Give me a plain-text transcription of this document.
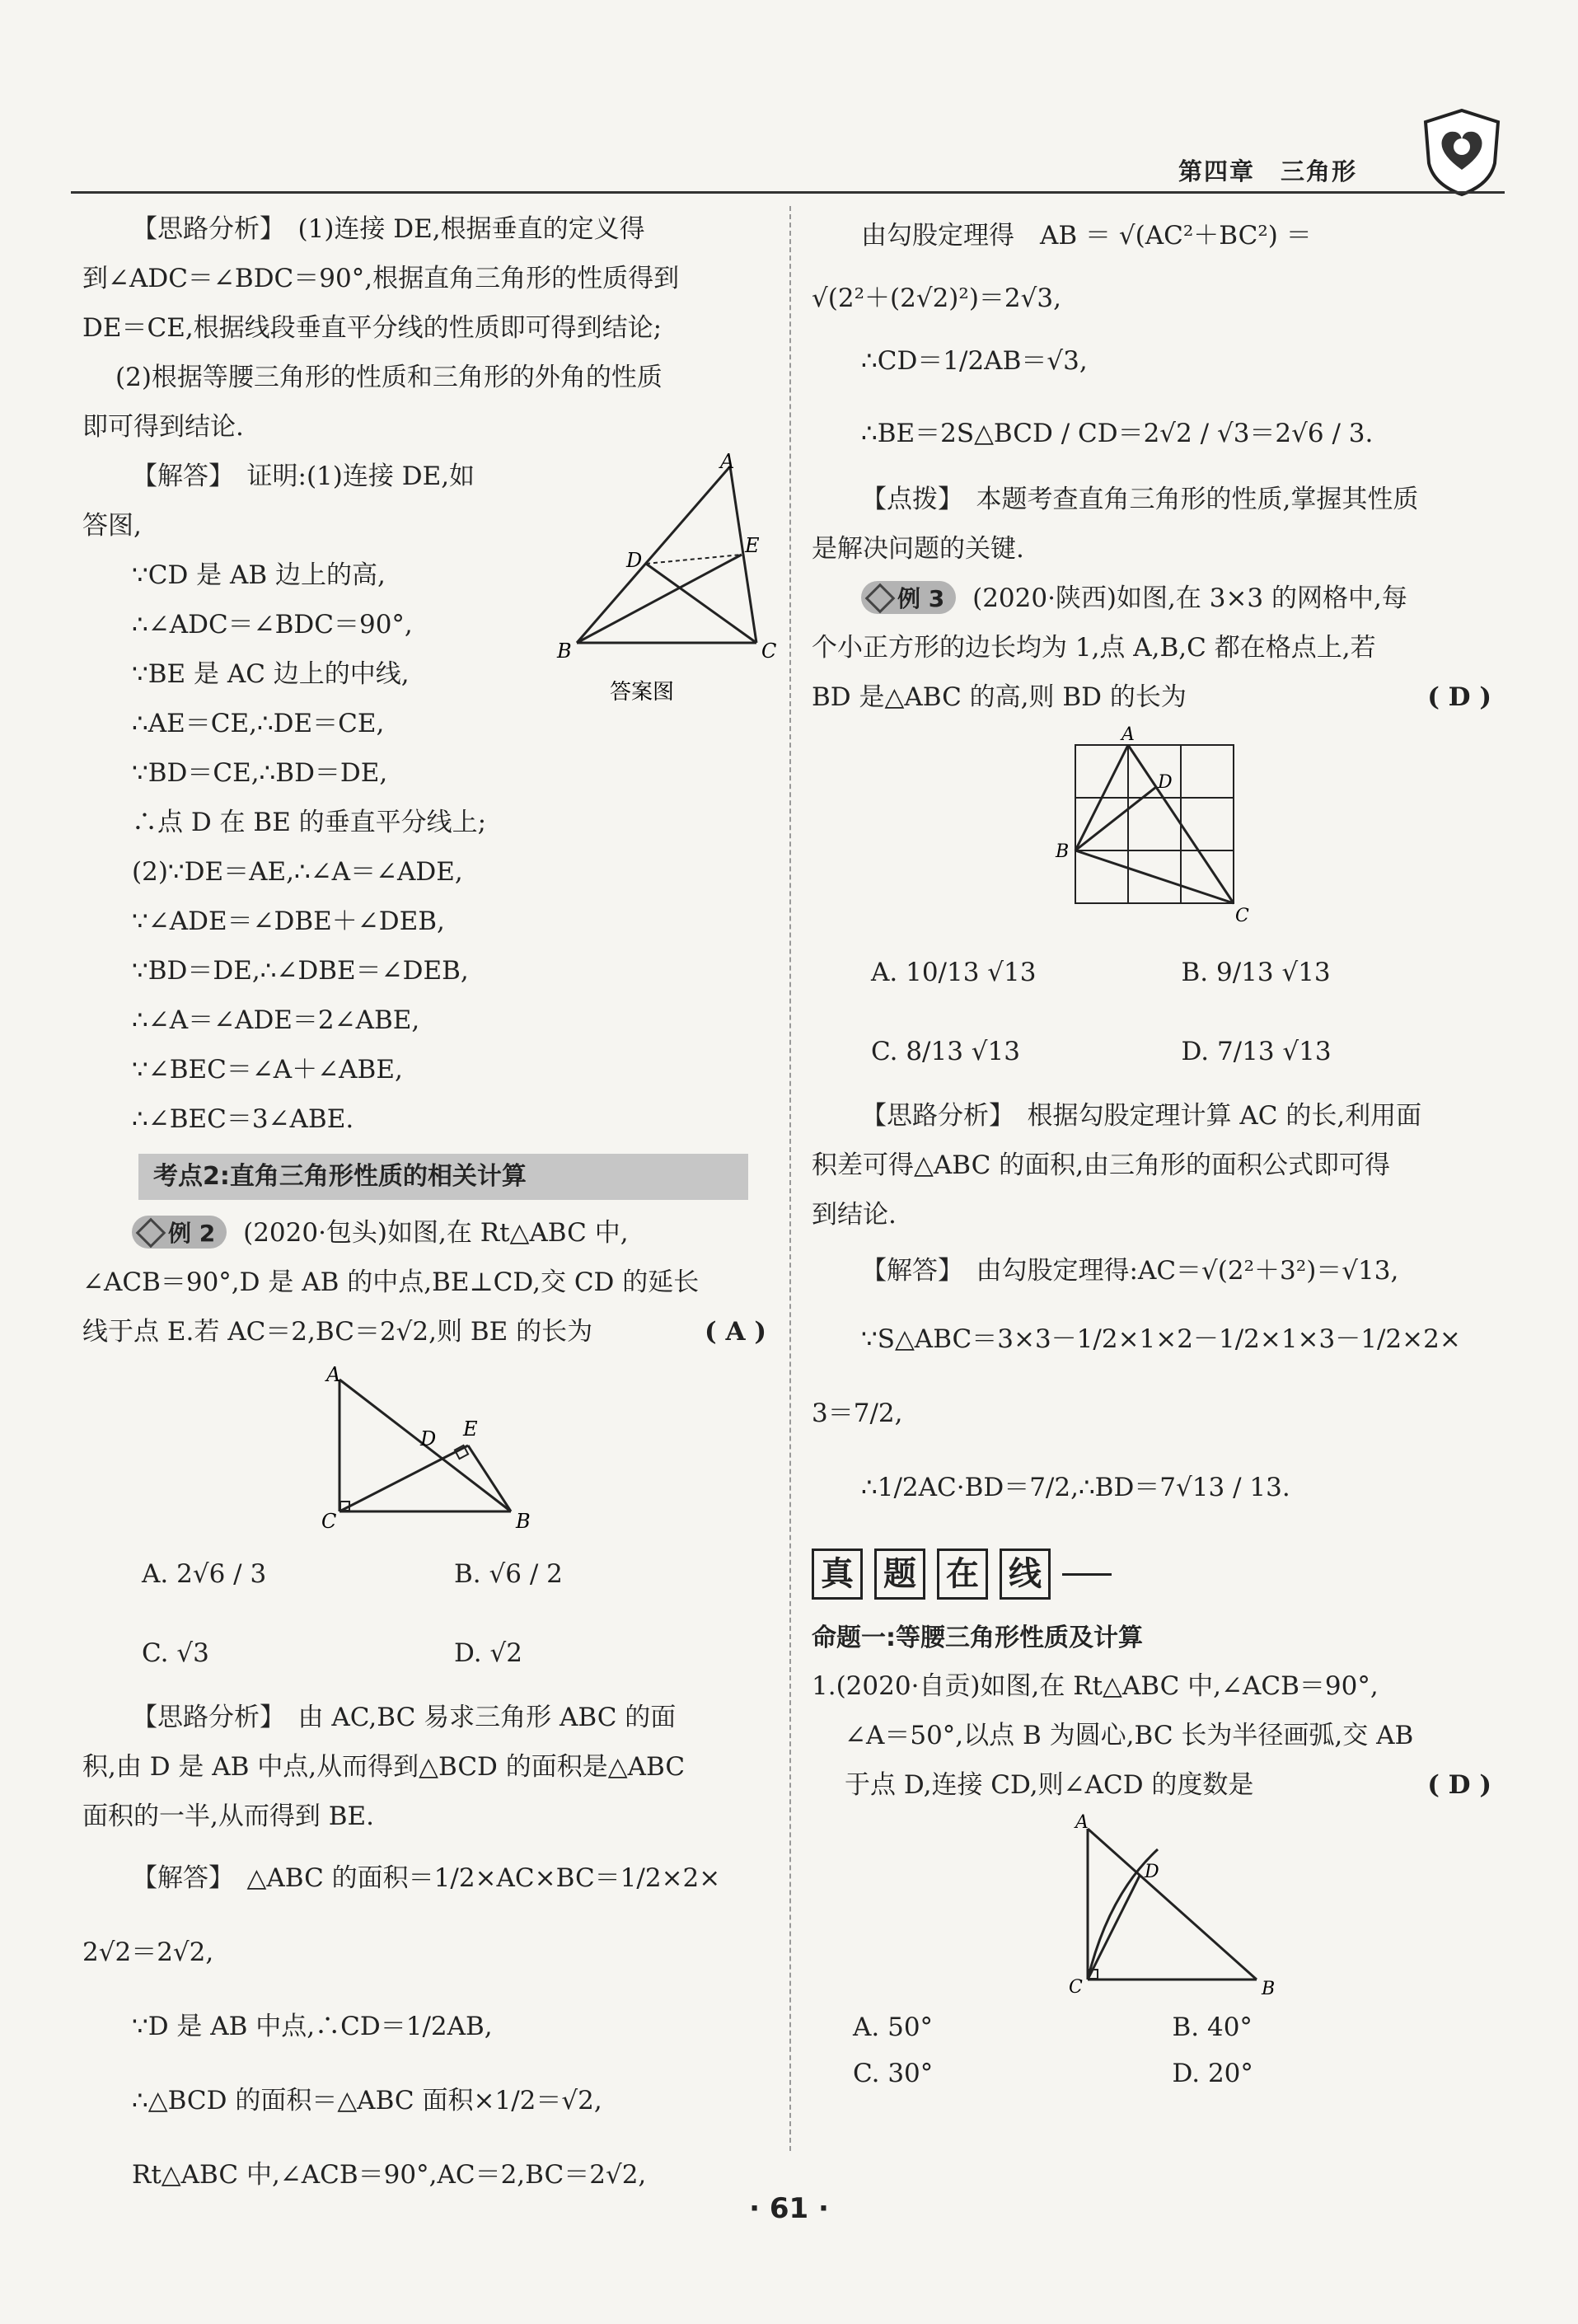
第四章　三角形
【思路分析】　(1)连接 DE,根据垂直的定义得
到∠ADC＝∠BDC＝90°,根据直角三角形的性质得到
DE＝CE,根据线段垂直平分线的性质即可得到结论;
(2)根据等腰三角形的性质和三角形的外角的性质
即可得到结论.
【解答】　证明:(1)连接 DE,如
答图,
∵CD 是 AB 边上的高,
∴∠ADC＝∠BDC＝90°,
∵BE 是 AC 边上的中线,
∴AE＝CE,∴DE＝CE,
∵BD＝CE,∴BD＝DE,
∴点 D 在 BE 的垂直平分线上;
(2)∵DE＝AE,∴∠A＝∠ADE,
∵∠ADE＝∠DBE＋∠DEB,
∵BD＝DE,∴∠DBE＝∠DEB,
∴∠A＝∠ADE＝2∠ABE,
∵∠BEC＝∠A＋∠ABE,
∴∠BEC＝3∠ABE.
A
B	C
D
E
答案图
考点2:直角三角形性质的相关计算
例 2 (2020·包头)如图,在 Rt△ABC 中,
∠ACB＝90°,D 是 AB 的中点,BE⊥CD,交 CD 的延长
线于点 E.若 AC＝2,BC＝2√2,则 BE 的长为	( A )
A
C	B
D E
A. 2√6 / 3	B. √6 / 2
C. √3	D. √2
【思路分析】　由 AC,BC 易求三角形 ABC 的面
积,由 D 是 AB 中点,从而得到△BCD 的面积是△ABC
面积的一半,从而得到 BE.
【解答】　△ABC 的面积＝1/2×AC×BC＝1/2×2×
2√2＝2√2,
∵D 是 AB 中点,∴CD＝1/2AB,
∴△BCD 的面积＝△ABC 面积×1/2＝√2,
Rt△ABC 中,∠ACB＝90°,AC＝2,BC＝2√2,
由勾股定理得　AB ＝ √(AC²＋BC²) ＝
√(2²＋(2√2)²)＝2√3,
∴CD＝1/2AB＝√3,
∴BE＝2S△BCD / CD＝2√2 / √3＝2√6 / 3.
【点拨】　本题考查直角三角形的性质,掌握其性质
是解决问题的关键.
例 3 (2020·陕西)如图,在 3×3 的网格中,每
个小正方形的边长均为 1,点 A,B,C 都在格点上,若
BD 是△ABC 的高,则 BD 的长为	( D )
A
B
C
D
A. 10/13 √13	B. 9/13 √13
C. 8/13 √13	D. 7/13 √13
【思路分析】　根据勾股定理计算 AC 的长,利用面
积差可得△ABC 的面积,由三角形的面积公式即可得
到结论.
【解答】　由勾股定理得:AC＝√(2²＋3²)＝√13,
∵S△ABC＝3×3－1/2×1×2－1/2×1×3－1/2×2×
3＝7/2,
∴1/2AC·BD＝7/2,∴BD＝7√13 / 13.
真 题 在 线
命题一:等腰三角形性质及计算
1.(2020·自贡)如图,在 Rt△ABC 中,∠ACB＝90°,
∠A＝50°,以点 B 为圆心,BC 长为半径画弧,交 AB
于点 D,连接 CD,则∠ACD 的度数是	( D )
A
C	B
D
A. 50°	B. 40°
C. 30°	D. 20°
· 61 ·
